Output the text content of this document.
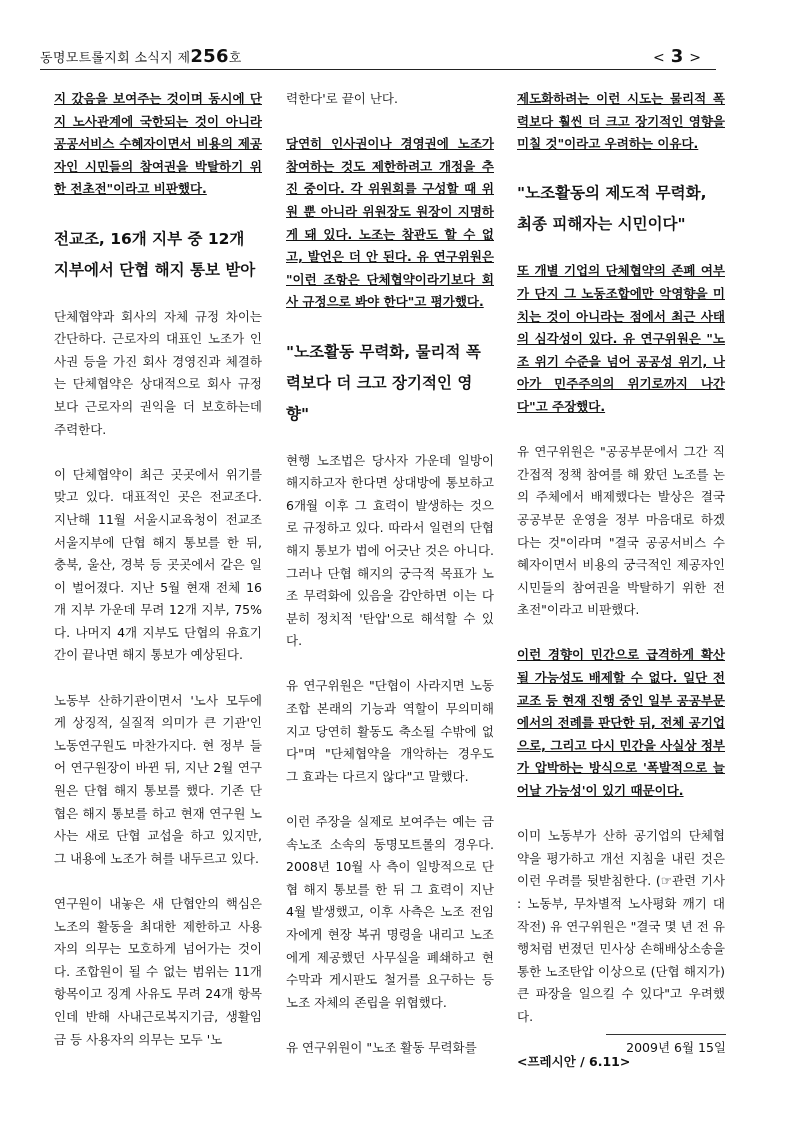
동명모트롤지회 소식지 제256호	< 3 >

지 갔음을 보여주는 것이며 동시에 단지 노사관계에 국한되는 것이 아니라 공공서비스 수혜자이면서 비용의 제공자인 시민들의 참여권을 박탈하기 위한 전초전"이라고 비판했다.

전교조, 16개 지부 중 12개 지부에서 단협 해지 통보 받아

단체협약과 회사의 자체 규정 차이는 간단하다. 근로자의 대표인 노조가 인사권 등을 가진 회사 경영진과 체결하는 단체협약은 상대적으로 회사 규정보다 근로자의 권익을 더 보호하는데 주력한다.

이 단체협약이 최근 곳곳에서 위기를 맞고 있다. 대표적인 곳은 전교조다. 지난해 11월 서울시교육청이 전교조 서울지부에 단협 해지 통보를 한 뒤, 충북, 울산, 경북 등 곳곳에서 같은 일이 벌어졌다. 지난 5월 현재 전체 16개 지부 가운데 무려 12개 지부, 75%다. 나머지 4개 지부도 단협의 유효기간이 끝나면 해지 통보가 예상된다.

노동부 산하기관이면서 '노사 모두에게 상징적, 실질적 의미가 큰 기관'인 노동연구원도 마찬가지다. 현 정부 들어 연구원장이 바뀐 뒤, 지난 2월 연구원은 단협 해지 통보를 했다. 기존 단협은 해지 통보를 하고 현재 연구원 노사는 새로 단협 교섭을 하고 있지만, 그 내용에 노조가 혀를 내두르고 있다.

연구원이 내놓은 새 단협안의 핵심은 노조의 활동을 최대한 제한하고 사용자의 의무는 모호하게 넘어가는 것이다. 조합원이 될 수 없는 범위는 11개 항목이고 징계 사유도 무려 24개 항목인데 반해 사내근로복지기금, 생활임금 등 사용자의 의무는 모두 '노

력한다'로 끝이 난다.

당연히 인사권이나 경영권에 노조가 참여하는 것도 제한하려고 개정을 추진 중이다. 각 위원회를 구성할 때 위원 뿐 아니라 위원장도 원장이 지명하게 돼 있다. 노조는 참관도 할 수 없고, 발언은 더 안 된다. 유 연구위원은 "이런 조항은 단체협약이라기보다 회사 규정으로 봐야 한다"고 평가했다.

"노조활동 무력화, 물리적 폭력보다 더 크고 장기적인 영향"

현행 노조법은 당사자 가운데 일방이 해지하고자 한다면 상대방에 통보하고 6개월 이후 그 효력이 발생하는 것으로 규정하고 있다. 따라서 일련의 단협 해지 통보가 법에 어긋난 것은 아니다. 그러나 단협 해지의 궁극적 목표가 노조 무력화에 있음을 감안하면 이는 다분히 정치적 '탄압'으로 해석할 수 있다.

유 연구위원은 "단협이 사라지면 노동조합 본래의 기능과 역할이 무의미해지고 당연히 활동도 축소될 수밖에 없다"며 "단체협약을 개악하는 경우도 그 효과는 다르지 않다"고 말했다.

이런 주장을 실제로 보여주는 예는 금속노조 소속의 동명모트롤의 경우다. 2008년 10월 사 측이 일방적으로 단협 해지 통보를 한 뒤 그 효력이 지난 4월 발생했고, 이후 사측은 노조 전임자에게 현장 복귀 명령을 내리고 노조에게 제공했던 사무실을 폐쇄하고 현수막과 게시판도 철거를 요구하는 등 노조 자체의 존립을 위협했다.

유 연구위원이 "노조 활동 무력화를

제도화하려는 이런 시도는 물리적 폭력보다 훨씬 더 크고 장기적인 영향을 미칠 것"이라고 우려하는 이유다.

"노조활동의 제도적 무력화, 최종 피해자는 시민이다"

또 개별 기업의 단체협약의 존폐 여부가 단지 그 노동조합에만 악영향을 미치는 것이 아니라는 점에서 최근 사태의 심각성이 있다. 유 연구위원은 "노조 위기 수준을 넘어 공공성 위기, 나아가 민주주의의 위기로까지 나간다"고 주장했다.

유 연구위원은 "공공부문에서 그간 직간접적 정책 참여를 해 왔던 노조를 논의 주체에서 배제했다는 발상은 결국 공공부문 운영을 정부 마음대로 하겠다는 것"이라며 "결국 공공서비스 수혜자이면서 비용의 궁극적인 제공자인 시민들의 참여권을 박탈하기 위한 전초전"이라고 비판했다.

이런 경향이 민간으로 급격하게 확산될 가능성도 배제할 수 없다. 일단 전교조 등 현재 진행 중인 일부 공공부문에서의 전례를 판단한 뒤, 전체 공기업으로, 그리고 다시 민간을 사실상 정부가 압박하는 방식으로 '폭발적으로 늘어날 가능성'이 있기 때문이다.

이미 노동부가 산하 공기업의 단체협약을 평가하고 개선 지침을 내린 것은 이런 우려를 뒷받침한다. (☞관련 기사 : 노동부, 무차별적 노사평화 깨기 대작전) 유 연구위원은 "결국 몇 년 전 유행처럼 번졌던 민사상 손해배상소송을 통한 노조탄압 이상으로 (단협 해지가) 큰 파장을 일으킬 수 있다"고 우려했다.

<프레시안 / 6.11>

2009년 6월 15일
